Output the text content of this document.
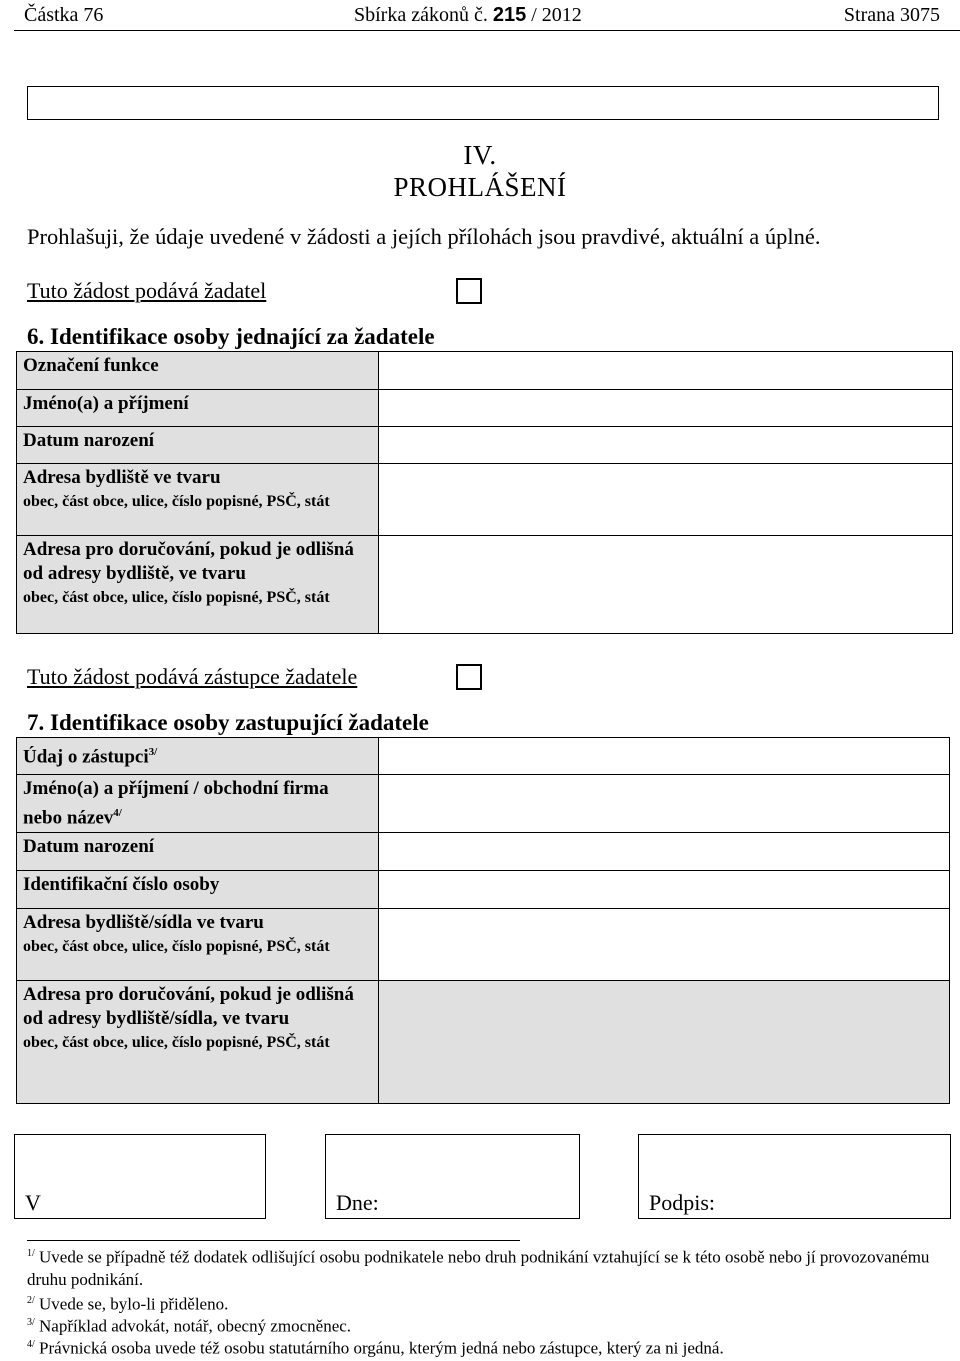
Částka 76	Sbírka zákonů č. 215 / 2012	Strana 3075
IV.
PROHLÁŠENÍ
Prohlašuji, že údaje uvedené v žádosti a jejích přílohách jsou pravdivé, aktuální a úplné.
Tuto žádost podává žadatel
6. Identifikace osoby jednající za žadatele
Označení funkce	
Jméno(a) a příjmení	
Datum narození	

Adresa bydliště ve tvaru
obec, část obce, ulice, číslo popisné, PSČ, stát	

Adresa pro doručování, pokud je odlišná od adresy bydliště, ve tvaru
obec, část obce, ulice, číslo popisné, PSČ, stát	

Tuto žádost podává zástupce žadatele
7. Identifikace osoby zastupující žadatele
Údaj o zástupci$^{3/}$	
Jméno(a) a příjmení / obchodní firma nebo název$^{4/}$	
Datum narození	
Identifikační číslo osoby	

Adresa bydliště/sídla ve tvaru
obec, část obce, ulice, číslo popisné, PSČ, stát	

Adresa pro doručování, pokud je odlišná od adresy bydliště/sídla, ve tvaru
obec, část obce, ulice, číslo popisné, PSČ, stát	

V	Dne:	Podpis:
$^{1/}$ Uvede se případně též dodatek odlišující osobu podnikatele nebo druh podnikání vztahující se k této osobě nebo jí provozovanému druhu podnikání.
$^{2/}$ Uvede se, bylo-li přiděleno.
$^{3/}$ Například advokát, notář, obecný zmocněnec.
$^{4/}$ Právnická osoba uvede též osobu statutárního orgánu, kterým jedná nebo zástupce, který za ni jedná.
